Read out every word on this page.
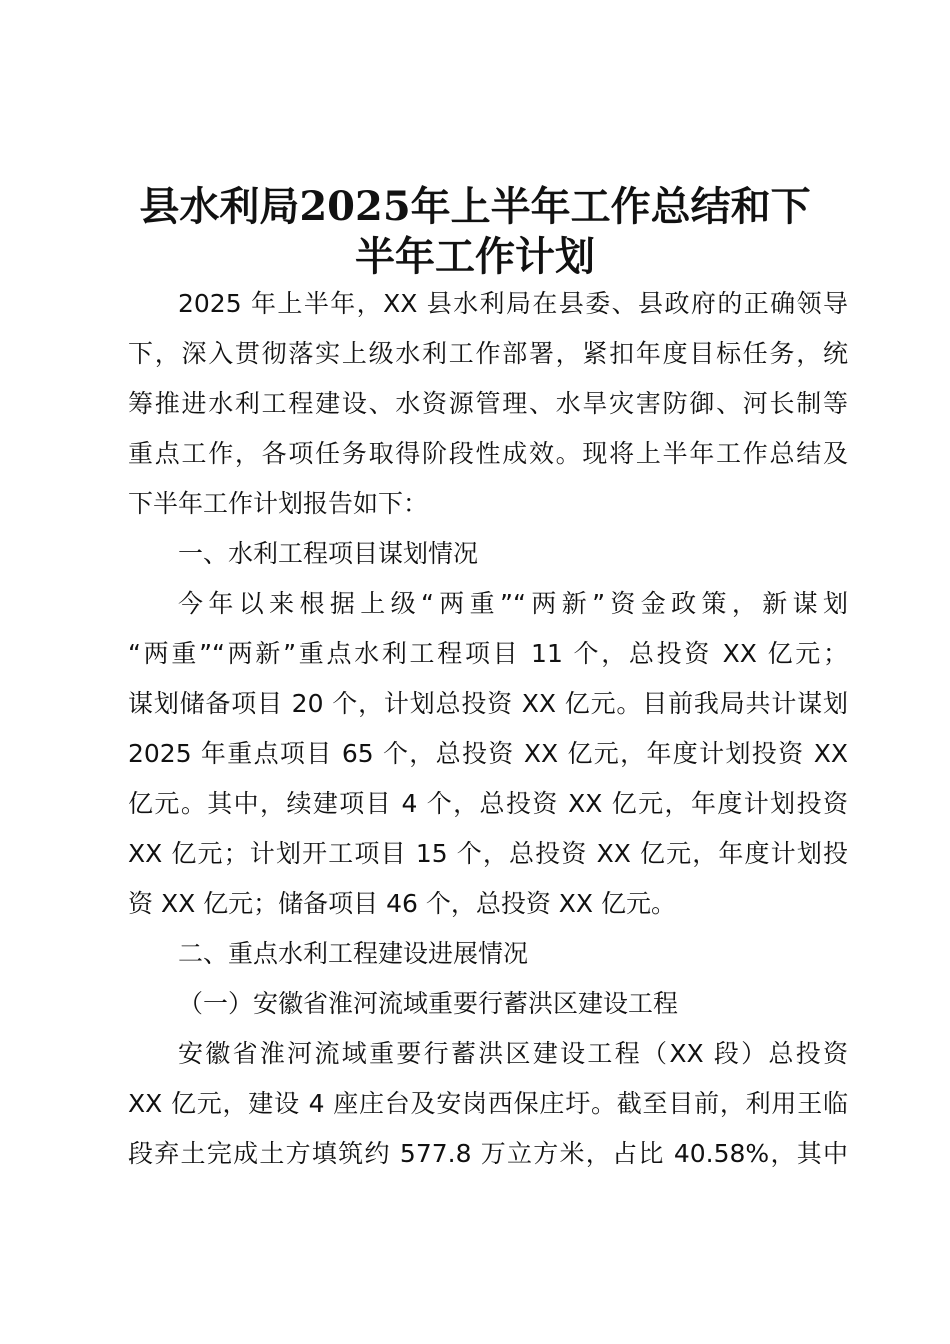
县水利局2025年上半年工作总结和下
半年工作计划
2025 年上半年，XX 县水利局在县委、县政府的正确领导
下，深入贯彻落实上级水利工作部署，紧扣年度目标任务，统
筹推进水利工程建设、水资源管理、水旱灾害防御、河长制等
重点工作，各项任务取得阶段性成效。现将上半年工作总结及
下半年工作计划报告如下：
一、水利工程项目谋划情况
今年以来根据上级“两重”“两新”资金政策，新谋划
“两重”“两新”重点水利工程项目 11 个，总投资 XX 亿元；
谋划储备项目 20 个，计划总投资 XX 亿元。目前我局共计谋划
2025 年重点项目 65 个，总投资 XX 亿元，年度计划投资 XX
亿元。其中，续建项目 4 个，总投资 XX 亿元，年度计划投资
XX 亿元；计划开工项目 15 个，总投资 XX 亿元，年度计划投
资 XX 亿元；储备项目 46 个，总投资 XX 亿元。
二、重点水利工程建设进展情况
（一）安徽省淮河流域重要行蓄洪区建设工程
安徽省淮河流域重要行蓄洪区建设工程（XX 段）总投资
XX 亿元，建设 4 座庄台及安岗西保庄圩。截至目前，利用王临
段弃土完成土方填筑约 577.8 万立方米，占比 40.58%，其中
